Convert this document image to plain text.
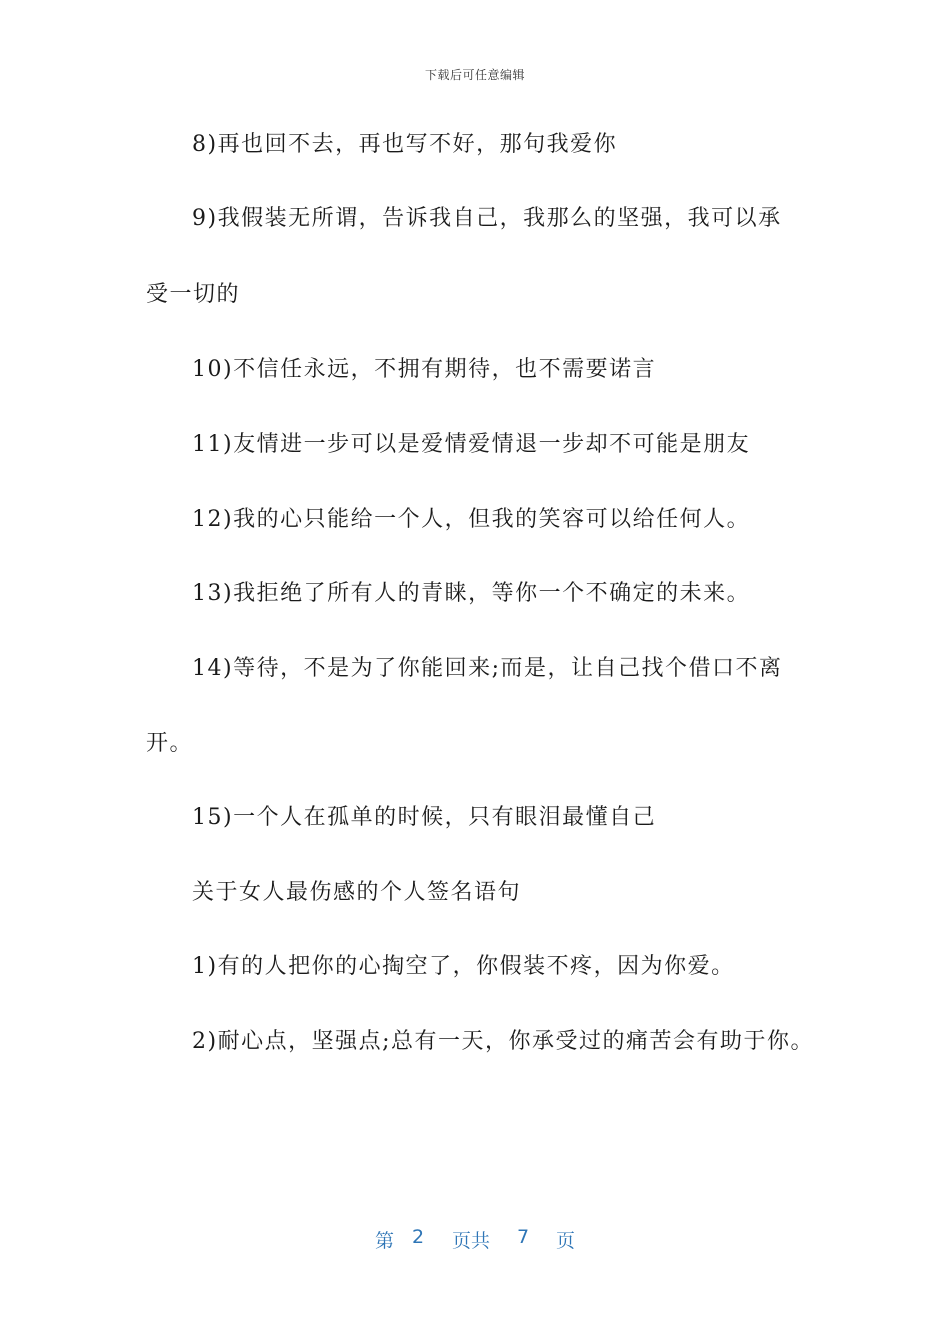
下载后可任意编辑
8)再也回不去，再也写不好，那句我爱你
9)我假装无所谓，告诉我自己，我那么的坚强，我可以承
受一切的
10)不信任永远，不拥有期待，也不需要诺言
11)友情进一步可以是爱情爱情退一步却不可能是朋友
12)我的心只能给一个人，但我的笑容可以给任何人。
13)我拒绝了所有人的青睐，等你一个不确定的未来。
14)等待，不是为了你能回来;而是，让自己找个借口不离
开。
15)一个人在孤单的时候，只有眼泪最懂自己
关于女人最伤感的个人签名语句
1)有的人把你的心掏空了，你假装不疼，因为你爱。
2)耐心点，坚强点;总有一天，你承受过的痛苦会有助于你。
第 2 页共 7 页
